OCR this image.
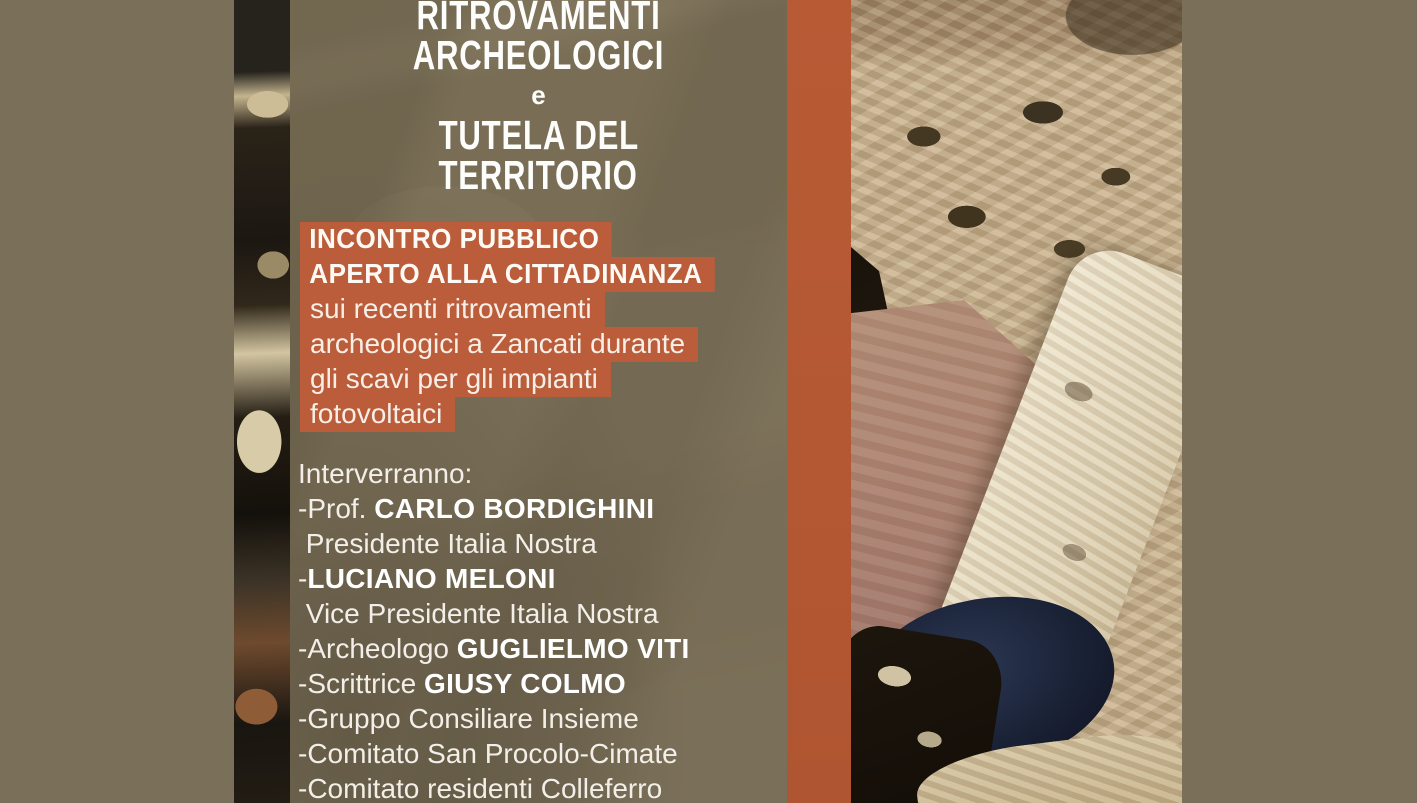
RITROVAMENTI
ARCHEOLOGICI
e
TUTELA DEL
TERRITORIO
INCONTRO PUBBLICO
APERTO ALLA CITTADINANZA
sui recenti ritrovamenti
archeologici a Zancati durante
gli scavi per gli impianti
fotovoltaici
Interverranno:
-Prof. CARLO BORDIGHINI
Presidente Italia Nostra
-LUCIANO MELONI
Vice Presidente Italia Nostra
-Archeologo GUGLIELMO VITI
-Scrittrice GIUSY COLMO
-Gruppo Consiliare Insieme
-Comitato San Procolo-Cimate
-Comitato residenti Colleferro
